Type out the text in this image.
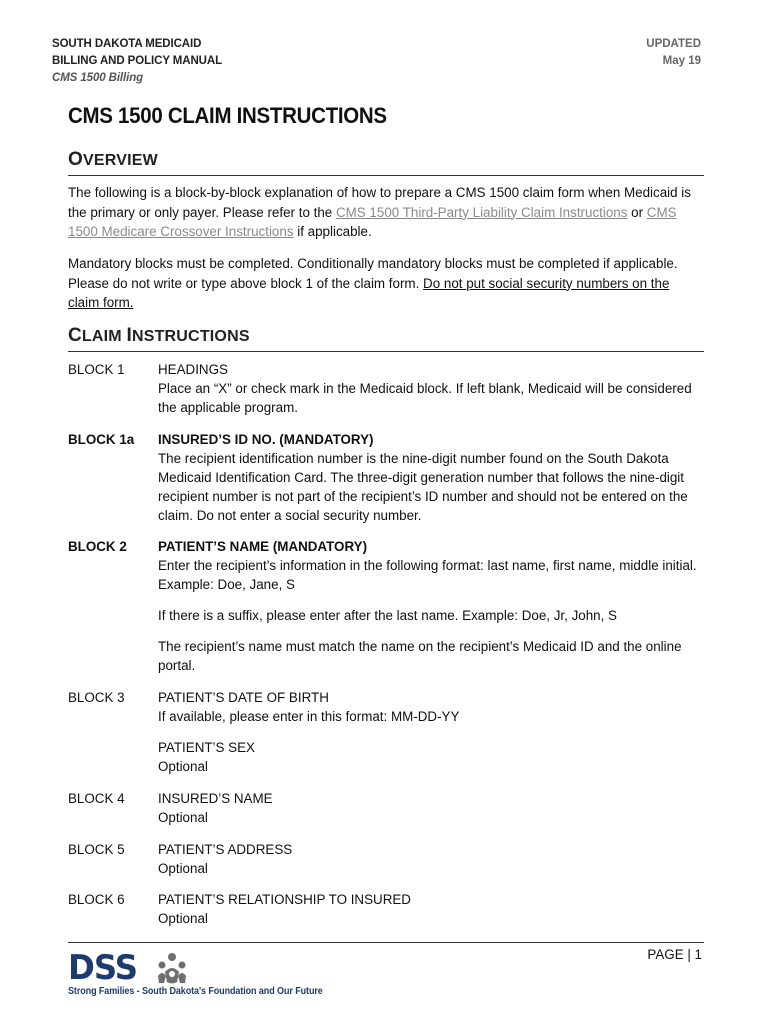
SOUTH DAKOTA MEDICAID
BILLING AND POLICY MANUAL
CMS 1500 Billing
UPDATED
May 19
CMS 1500 CLAIM INSTRUCTIONS
OVERVIEW

The following is a block-by-block explanation of how to prepare a CMS 1500 claim form when Medicaid is the primary or only payer. Please refer to the CMS 1500 Third-Party Liability Claim Instructions or CMS 1500 Medicare Crossover Instructions if applicable.

Mandatory blocks must be completed. Conditionally mandatory blocks must be completed if applicable. Please do not write or type above block 1 of the claim form. Do not put social security numbers on the claim form.

CLAIM INSTRUCTIONS
BLOCK 1	HEADINGS

Place an “X” or check mark in the Medicaid block. If left blank, Medicaid will be considered the applicable program.

BLOCK 1a	INSURED’S ID NO. (MANDATORY)

The recipient identification number is the nine-digit number found on the South Dakota Medicaid Identification Card. The three-digit generation number that follows the nine-digit recipient number is not part of the recipient’s ID number and should not be entered on the claim. Do not enter a social security number.

BLOCK 2	PATIENT’S NAME (MANDATORY)

Enter the recipient’s information in the following format: last name, first name, middle initial. Example: Doe, Jane, S

If there is a suffix, please enter after the last name. Example: Doe, Jr, John, S

The recipient’s name must match the name on the recipient’s Medicaid ID and the online portal.

BLOCK 3	PATIENT’S DATE OF BIRTH

If available, please enter in this format: MM-DD-YY

PATIENT’S SEX

Optional

BLOCK 4	INSURED’S NAME

Optional

BLOCK 5	PATIENT’S ADDRESS

Optional

BLOCK 6	PATIENT’S RELATIONSHIP TO INSURED

Optional

PAGE | 1
DSS
Strong Families - South Dakota's Foundation and Our Future
